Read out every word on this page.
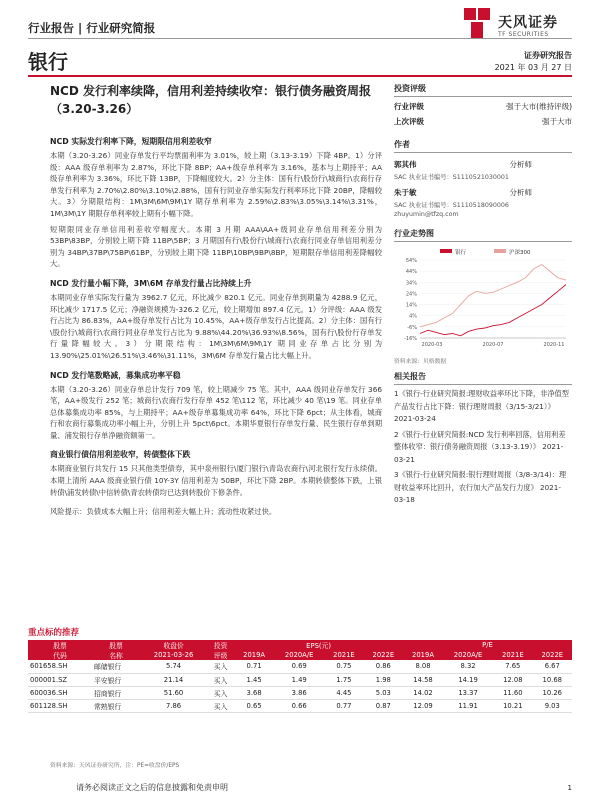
行业报告 | 行业研究简报	天风证券
TF SECURITIES
银行	证券研究报告
2021 年 03 月 27 日
NCD 发行利率续降，信用利差持续收窄：银行债务融资周报（3.20-3.26）
NCD 实际发行利率下降，短期限信用利差收窄
本期（3.20-3.26）同业存单发行平均票面利率为 3.01%，较上期（3.13-3.19）下降 4BP。1）分评级：AAA 级存单利率为 2.87%，环比下降 8BP；AA+级存单利率为 3.16%，基本与上期持平；AA 级存单利率为 3.36%，环比下降 13BP，下降幅度较大。2）分主体：国有行\股份行\城商行\农商行存单发行利率为 2.70%\2.80%\3.10%\2.88%，国有行同业存单实际发行利率环比下降 20BP，降幅较大。3）分期限结构：1M\3M\6M\9M\1Y 期存单利率为 2.59%\2.83%\3.05%\3.14%\3.31%，1M\3M\1Y 期限存单利率较上期有小幅下降。
短期限同业存单信用利差收窄幅度大。本期 3 月期 AAA\AA+级同业存单信用利差分别为 53BP\83BP，分别较上期下降 11BP\5BP；3 月期国有行\股份行\城商行\农商行同业存单信用利差分别为 34BP\37BP\75BP\61BP，分别较上期下降 11BP\10BP\9BP\8BP，短期限存单信用利差降幅较大。
NCD 发行量小幅下降，3M\6M 存单发行量占比持续上升
本期同业存单实际发行量为 3962.7 亿元，环比减少 820.1 亿元。同业存单到期量为 4288.9 亿元，环比减少 1717.5 亿元；净融资规模为-326.2 亿元，较上期增加 897.4 亿元。1）分评级：AAA 级发行占比为 86.83%，AA+级存单发行占比为 10.45%，AA+级存单发行占比提高。2）分主体：国有行\股份行\城商行\农商行同业存单发行占比为 9.88%\44.20%\36.93%\8.56%，国有行\股份行存单发行量降幅较大。3）分期限结构：1M\3M\6M\9M\1Y 期同业存单占比分别为 13.90%\25.01%\26.51%\3.46%\31.11%，3M\6M 存单发行量占比大幅上升。
NCD 发行笔数略减，募集成功率平稳
本期（3.20-3.26）同业存单总计发行 709 笔，较上期减少 75 笔。其中，AAA 级同业存单发行 366 笔，AA+级发行 252 笔；城商行\农商行发行存单 452 笔\112 笔，环比减少 40 笔\19 笔。同业存单总体募集成功率 85%，与上期持平；AA+级存单募集成功率 64%，环比下降 6pct；从主体看，城商行和农商行募集成功率小幅上升，分别上升 5pct\6pct。本期华夏银行存单发行量、民生银行存单到期量、浦发银行存单净融资额第一。
商业银行债信用利差收窄，转债整体下跌
本期商业银行共发行 15 只其他类型债券，其中泉州银行\厦门银行\青岛农商行\河北银行发行永续债。本期上清所 AAA 级商业银行债 10Y-3Y 信用利差为 50BP，环比下降 2BP。本期转债整体下跌，上银转债\浦发转债\中信转债\青农转债均已达到转股价下修条件。
风险提示：负债成本大幅上升；信用利差大幅上升；流动性收紧过快。
投资评级
行业评级	强于大市(维持评级)
上次评级	强于大市
作者
郭其伟	分析师
SAC 执业证书编号：S1110521030001
朱于敏	分析师
SAC 执业证书编号：S1110518090006
zhuyumin@tfzq.com
行业走势图
银行	沪深300
54%
44%
34%
24%
14%
4%
-6%
-16%
2020-03	2020-07	2020-11
资料来源：贝格数据
相关报告
1《银行-行业研究简报:理财收益率环比下降，非净值型产品发行占比下降：银行理财周报（3/15-3/21）》 2021-03-24
2《银行-行业研究简报:NCD 发行利率回落，信用利差整体收窄：银行债务融资周报（3.13-3.19）》 2021-03-21
3《银行-行业研究简报:银行理财周报（3/8-3/14)：理财收益率环比回升，农行加大产品发行力度》 2021-03-18
重点标的推荐
股票	股票	收盘价	投资	EPS(元)				P/E			
代码	名称	2021-03-26	评级	2019A	2020A/E	2021E	2022E	2019A	2020A/E	2021E	2022E
601658.SH	邮储银行	5.74	买入	0.71	0.69	0.75	0.86	8.08	8.32	7.65	6.67
000001.SZ	平安银行	21.14	买入	1.45	1.49	1.75	1.98	14.58	14.19	12.08	10.68
600036.SH	招商银行	51.60	买入	3.68	3.86	4.45	5.03	14.02	13.37	11.60	10.26
601128.SH	常熟银行	7.86	买入	0.65	0.66	0.77	0.87	12.09	11.91	10.21	9.03
资料来源：天风证券研究所，注：PE=收盘价/EPS
请务必阅读正文之后的信息披露和免责申明	1
